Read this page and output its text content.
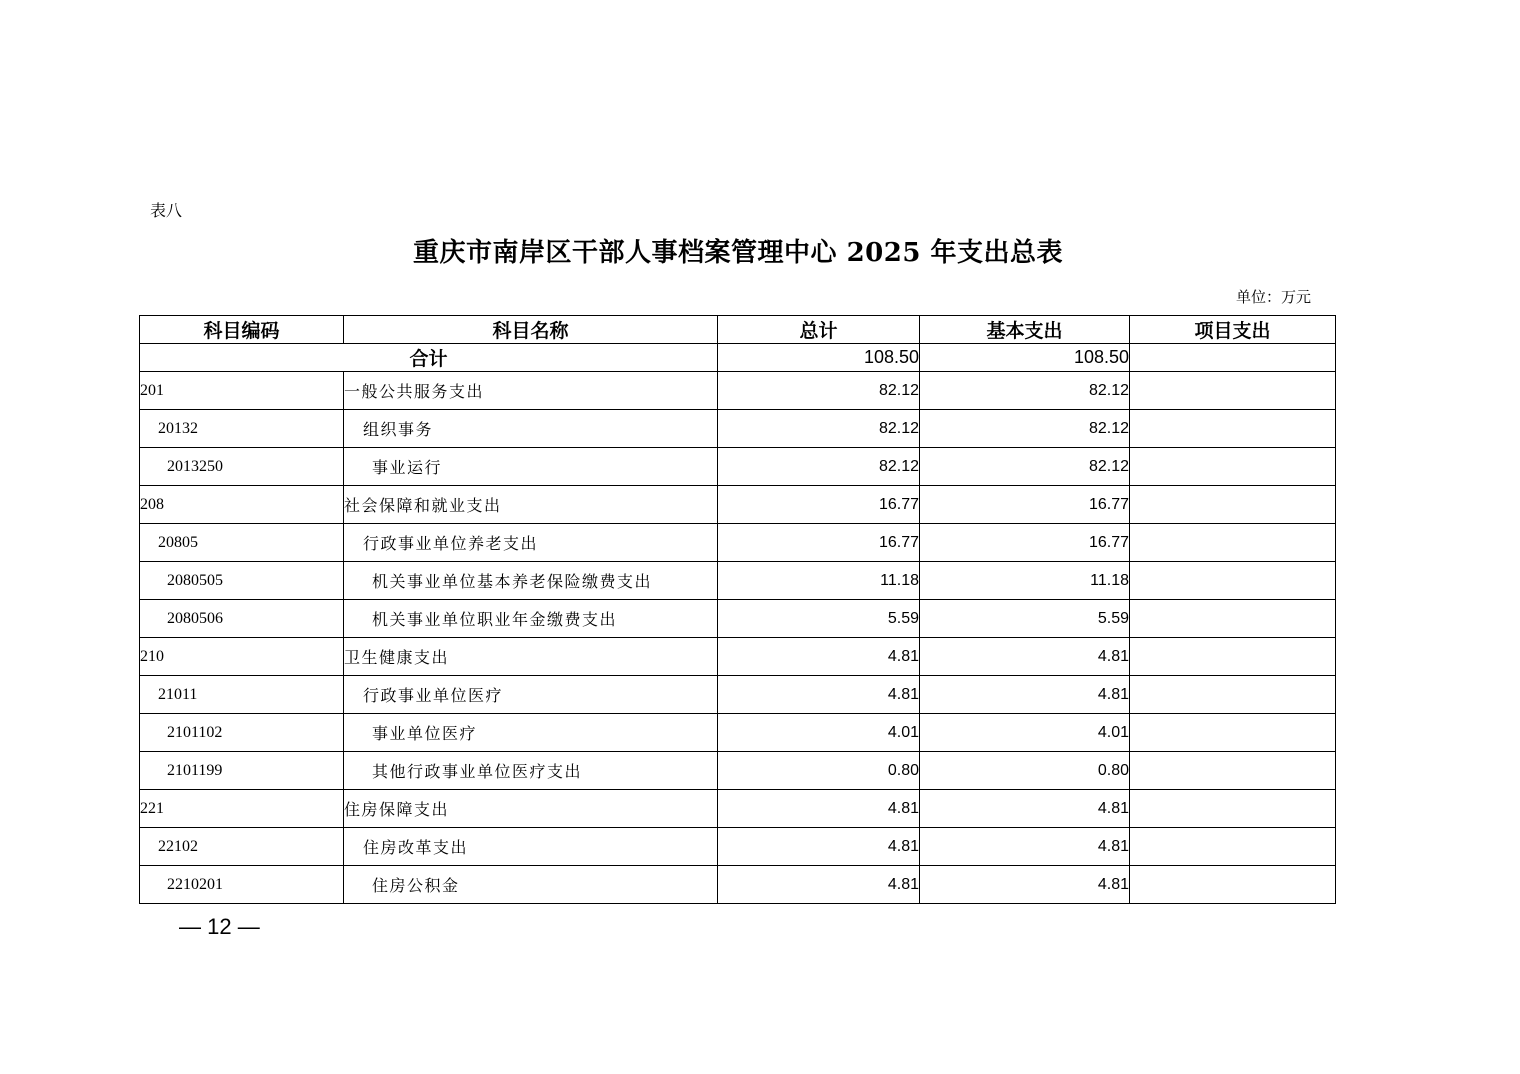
表八
重庆市南岸区干部人事档案管理中心 2025 年支出总表
单位：万元
科目编码	科目名称	总计	基本支出	项目支出
合计		108.50	108.50	
201	一般公共服务支出	82.12	82.12	
20132	组织事务	82.12	82.12	
2013250	事业运行	82.12	82.12	
208	社会保障和就业支出	16.77	16.77	
20805	行政事业单位养老支出	16.77	16.77	
2080505	机关事业单位基本养老保险缴费支出	11.18	11.18	
2080506	机关事业单位职业年金缴费支出	5.59	5.59	
210	卫生健康支出	4.81	4.81	
21011	行政事业单位医疗	4.81	4.81	
2101102	事业单位医疗	4.01	4.01	
2101199	其他行政事业单位医疗支出	0.80	0.80	
221	住房保障支出	4.81	4.81	
22102	住房改革支出	4.81	4.81	
2210201	住房公积金	4.81	4.81	
— 12 —
